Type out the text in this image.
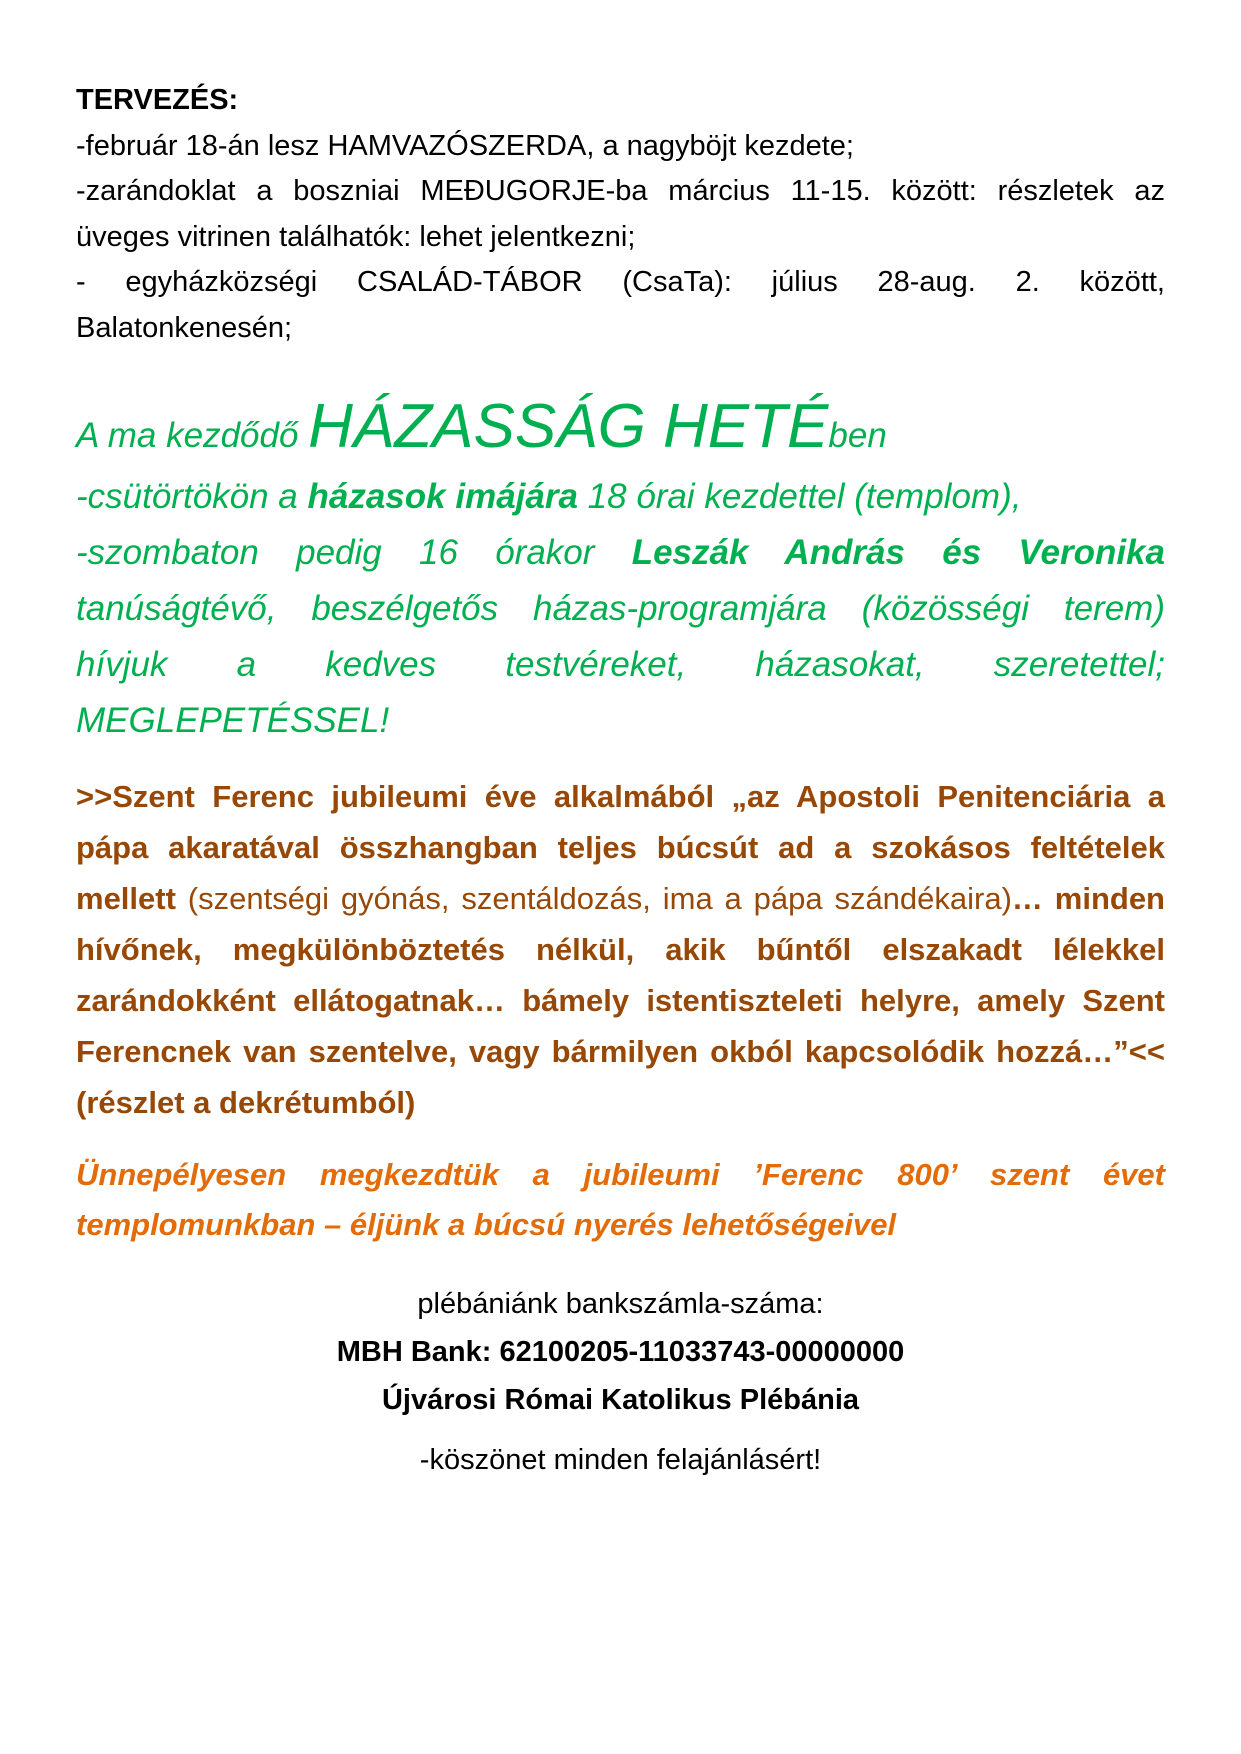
TERVEZÉS:

-február 18-án lesz HAMVAZÓSZERDA, a nagyböjt kezdete;

-zarándoklat a boszniai MEĐUGORJE-ba március 11-15. között: részletek az üveges vitrinen találhatók: lehet jelentkezni;

- egyházközségi CSALÁD-TÁBOR (CsaTa): július 28-aug. 2. között, Balatonkenesén;

A ma kezdődő HÁZASSÁG HETÉben

-csütörtökön a házasok imájára 18 órai kezdettel (templom),

-szombaton pedig 16 órakor Leszák András és Veronika tanúságtévő, beszélgetős házas-programjára (közösségi terem) hívjuk a kedves testvéreket, házasokat, szeretettel; MEGLEPETÉSSEL!

>>Szent Ferenc jubileumi éve alkalmából „az Apostoli Penitenciária a pápa akaratával összhangban teljes búcsút ad a szokásos feltételek mellett (szentségi gyónás, szentáldozás, ima a pápa szándékaira)… minden hívőnek, megkülönböztetés nélkül, akik bűntől elszakadt lélekkel zarándokként ellátogatnak… bámely istentiszteleti helyre, amely Szent Ferencnek van szentelve, vagy bármilyen okból kapcsolódik hozzá…”<< (részlet a dekrétumból)

Ünnepélyesen megkezdtük a jubileumi ’Ferenc 800’ szent évet templomunkban – éljünk a búcsú nyerés lehetőségeivel

plébániánk bankszámla-száma:
MBH Bank: 62100205-11033743-00000000
Újvárosi Római Katolikus Plébánia
-köszönet minden felajánlásért!
